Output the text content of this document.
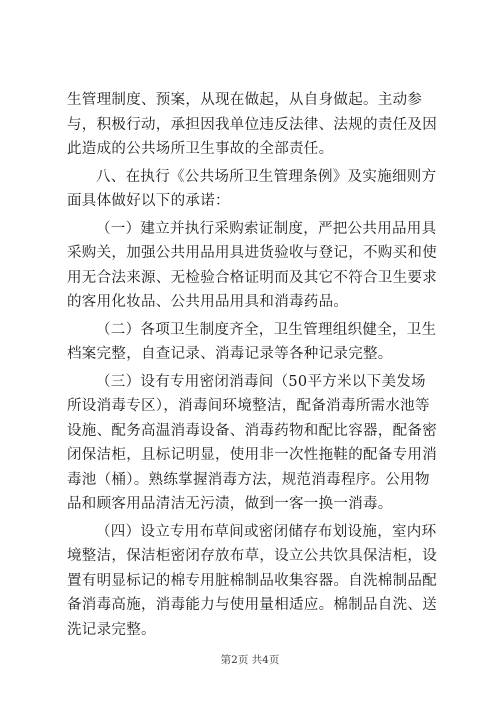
生管理制度、预案，从现在做起，从自身做起。主动参与，积极行动，承担因我单位违反法律、法规的责任及因此造成的公共场所卫生事故的全部责任。

八、在执行《公共场所卫生管理条例》及实施细则方面具体做好以下的承诺：

（一）建立并执行采购索证制度，严把公共用品用具采购关，加强公共用品用具进货验收与登记，不购买和使用无合法来源、无检验合格证明而及其它不符合卫生要求的客用化妆品、公共用品用具和消毒药品。

（二）各项卫生制度齐全，卫生管理组织健全，卫生档案完整，自查记录、消毒记录等各种记录完整。

（三）设有专用密闭消毒间（50平方米以下美发场所设消毒专区），消毒间环境整洁，配备消毒所需水池等设施、配务高温消毒设备、消毒药物和配比容器，配备密闭保洁柜，且标记明显，使用非一次性拖鞋的配备专用消毒池（桶）。熟练掌握消毒方法，规范消毒程序。公用物品和顾客用品清洁无污渍，做到一客一换一消毒。

（四）设立专用布草间或密闭储存布划设施，室内环境整洁，保洁柜密闭存放布草，设立公共饮具保洁柜，设置有明显标记的棉专用脏棉制品收集容器。自洗棉制品配备消毒高施，消毒能力与使用量相适应。棉制品自洗、送洗记录完整。

第2页 共4页
